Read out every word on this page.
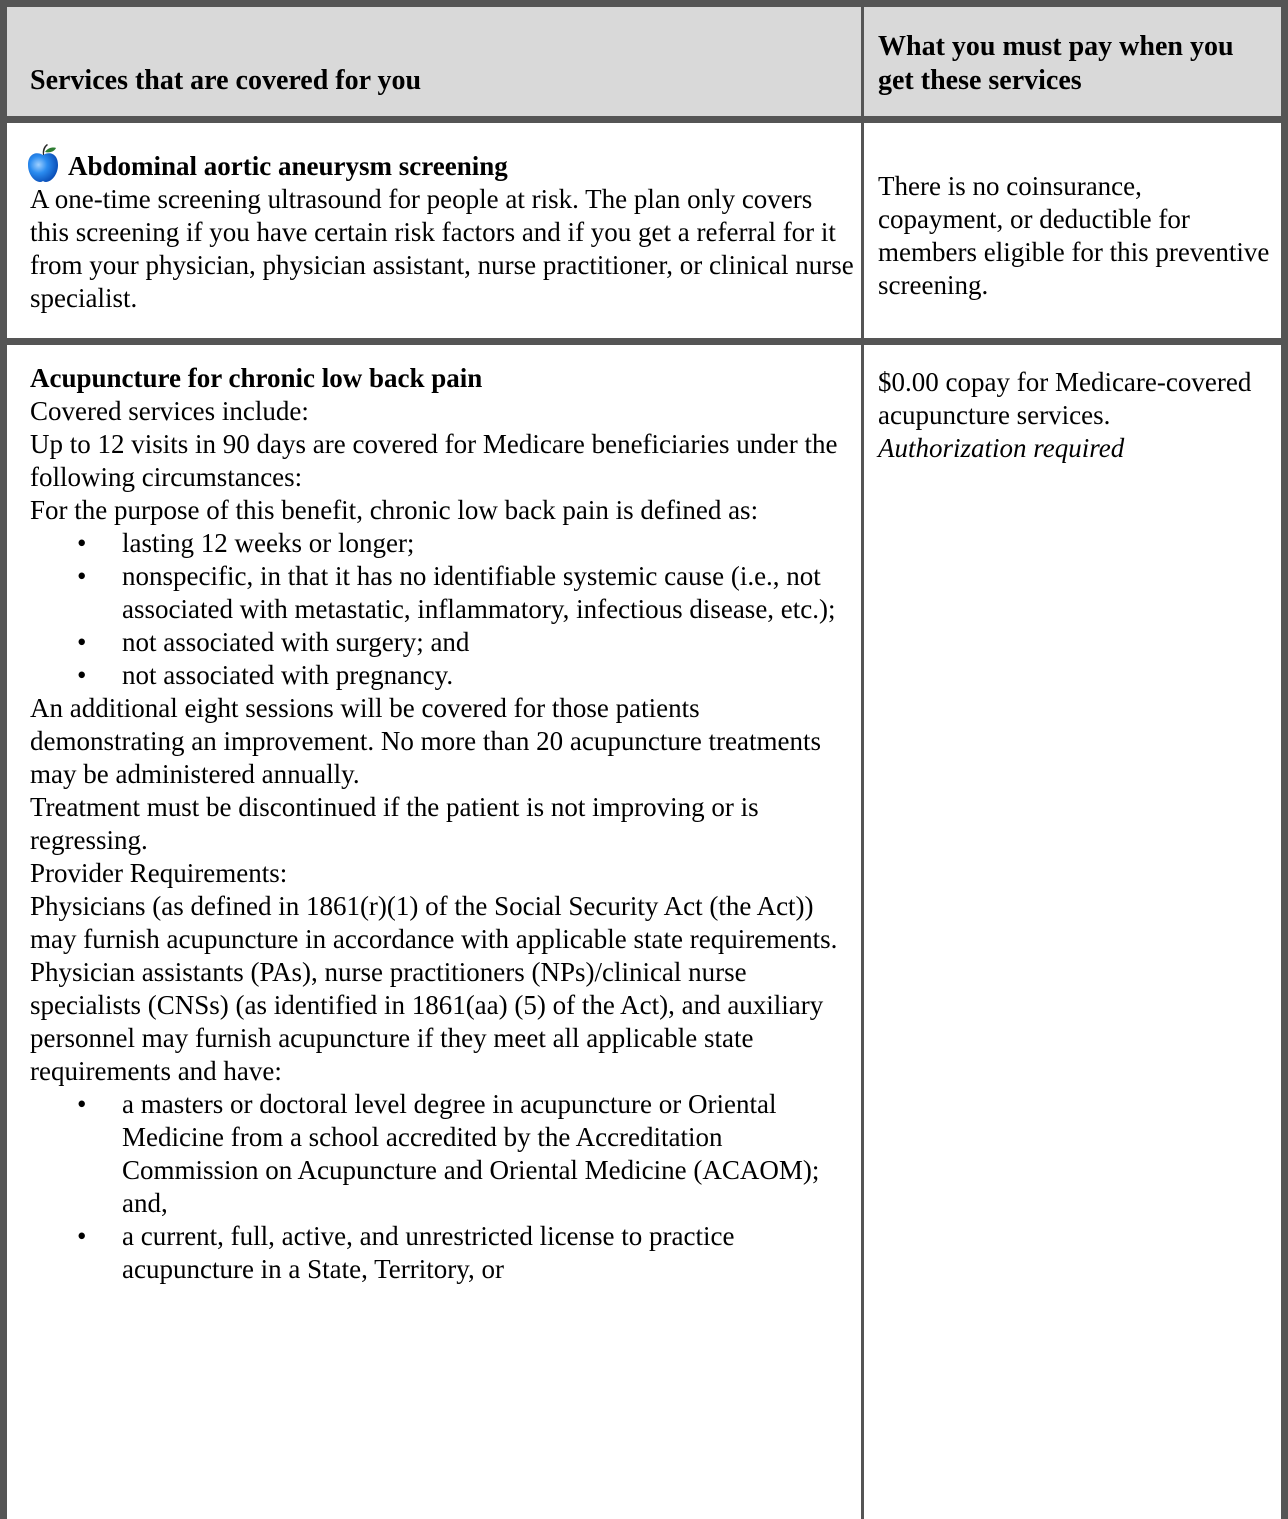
Services that are covered for you
What you must pay when you get these services
Abdominal aortic aneurysm screening

A one-time screening ultrasound for people at risk. The plan only covers this screening if you have certain risk factors and if you get a referral for it from your physician, physician assistant, nurse practitioner, or clinical nurse specialist.

There is no coinsurance, copayment, or deductible for members eligible for this preventive screening.

Acupuncture for chronic low back pain

Covered services include:

Up to 12 visits in 90 days are covered for Medicare beneficiaries under the following circumstances:

For the purpose of this benefit, chronic low back pain is defined as:

• lasting 12 weeks or longer;
• nonspecific, in that it has no identifiable systemic cause (i.e., not associated with metastatic, inflammatory, infectious disease, etc.);
• not associated with surgery; and
• not associated with pregnancy.

An additional eight sessions will be covered for those patients demonstrating an improvement. No more than 20 acupuncture treatments may be administered annually.

Treatment must be discontinued if the patient is not improving or is regressing.

Provider Requirements:

Physicians (as defined in 1861(r)(1) of the Social Security Act (the Act)) may furnish acupuncture in accordance with applicable state requirements.

Physician assistants (PAs), nurse practitioners (NPs)/clinical nurse specialists (CNSs) (as identified in 1861(aa) (5) of the Act), and auxiliary personnel may furnish acupuncture if they meet all applicable state requirements and have:

• a masters or doctoral level degree in acupuncture or Oriental Medicine from a school accredited by the Accreditation Commission on Acupuncture and Oriental Medicine (ACAOM); and,
• a current, full, active, and unrestricted license to practice acupuncture in a State, Territory, or

$0.00 copay for Medicare-covered acupuncture services.

Authorization required
